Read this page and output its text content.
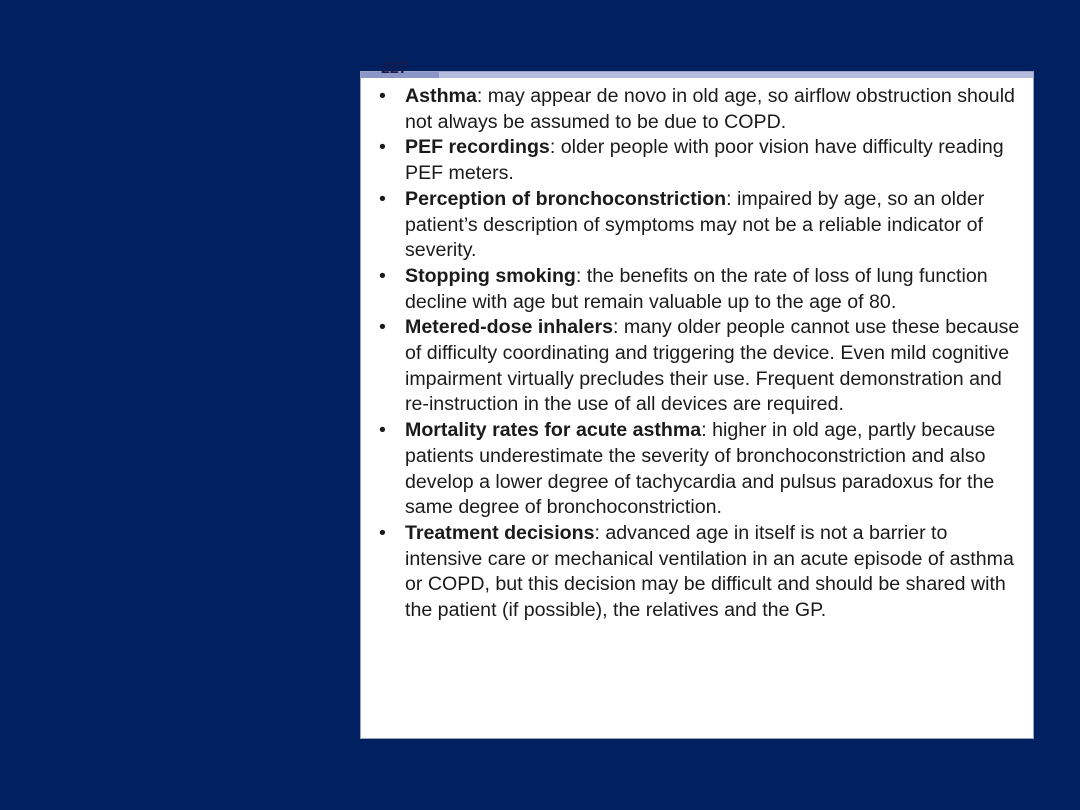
227
• Asthma: may appear de novo in old age, so airflow obstruction should not always be assumed to be due to COPD.
• PEF recordings: older people with poor vision have difficulty reading PEF meters.
• Perception of bronchoconstriction: impaired by age, so an older patient’s description of symptoms may not be a reliable indicator of severity.
• Stopping smoking: the benefits on the rate of loss of lung function decline with age but remain valuable up to the age of 80.
• Metered-dose inhalers: many older people cannot use these because of difficulty coordinating and triggering the device. Even mild cognitive impairment virtually precludes their use. Frequent demonstration and re-instruction in the use of all devices are required.
• Mortality rates for acute asthma: higher in old age, partly because patients underestimate the severity of bronchoconstriction and also develop a lower degree of tachycardia and pulsus paradoxus for the same degree of bronchoconstriction.
• Treatment decisions: advanced age in itself is not a barrier to intensive care or mechanical ventilation in an acute episode of asthma or COPD, but this decision may be difficult and should be shared with the patient (if possible), the relatives and the GP.
